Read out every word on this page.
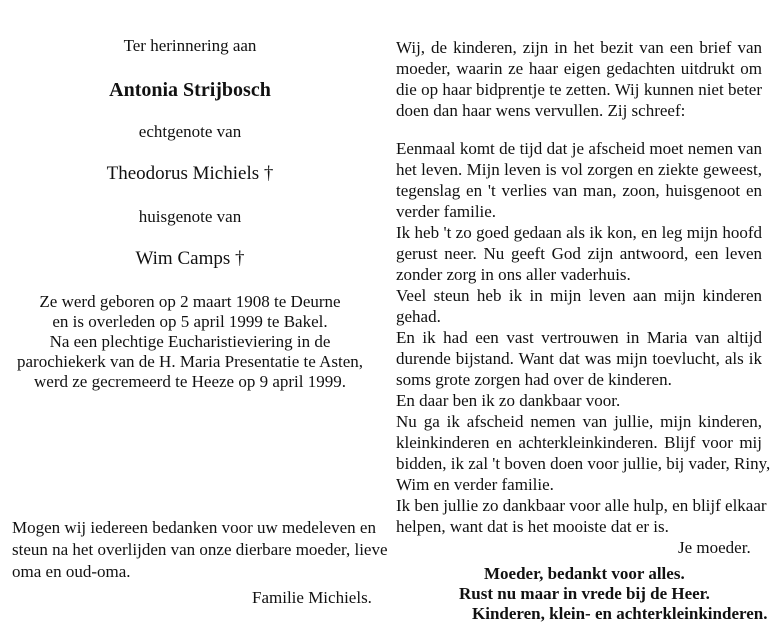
Ter herinnering aan
Antonia Strijbosch
echtgenote van
Theodorus Michiels †
huisgenote van
Wim Camps †
Ze werd geboren op 2 maart 1908 te Deurne
en is overleden op 5 april 1999 te Bakel.
Na een plechtige Eucharistieviering in de
parochiekerk van de H. Maria Presentatie te Asten,
werd ze gecremeerd te Heeze op 9 april 1999.
Mogen wij iedereen bedanken voor uw medeleven en
steun na het overlijden van onze dierbare moeder, lieve
oma en oud-oma.
Familie Michiels.
Wij, de kinderen, zijn in het bezit van een brief van
moeder, waarin ze haar eigen gedachten uitdrukt om
die op haar bidprentje te zetten. Wij kunnen niet beter
doen dan haar wens vervullen. Zij schreef:
Eenmaal komt de tijd dat je afscheid moet nemen van
het leven. Mijn leven is vol zorgen en ziekte geweest,
tegenslag en 't verlies van man, zoon, huisgenoot en
verder familie.
Ik heb 't zo goed gedaan als ik kon, en leg mijn hoofd
gerust neer. Nu geeft God zijn antwoord, een leven
zonder zorg in ons aller vaderhuis.
Veel steun heb ik in mijn leven aan mijn kinderen
gehad.
En ik had een vast vertrouwen in Maria van altijd
durende bijstand. Want dat was mijn toevlucht, als ik
soms grote zorgen had over de kinderen.
En daar ben ik zo dankbaar voor.
Nu ga ik afscheid nemen van jullie, mijn kinderen,
kleinkinderen en achterkleinkinderen. Blijf voor mij
bidden, ik zal 't boven doen voor jullie, bij vader, Riny,
Wim en verder familie.
Ik ben jullie zo dankbaar voor alle hulp, en blijf elkaar
helpen, want dat is het mooiste dat er is.
Je moeder.
Moeder, bedankt voor alles.
Rust nu maar in vrede bij de Heer.
Kinderen, klein- en achterkleinkinderen.
